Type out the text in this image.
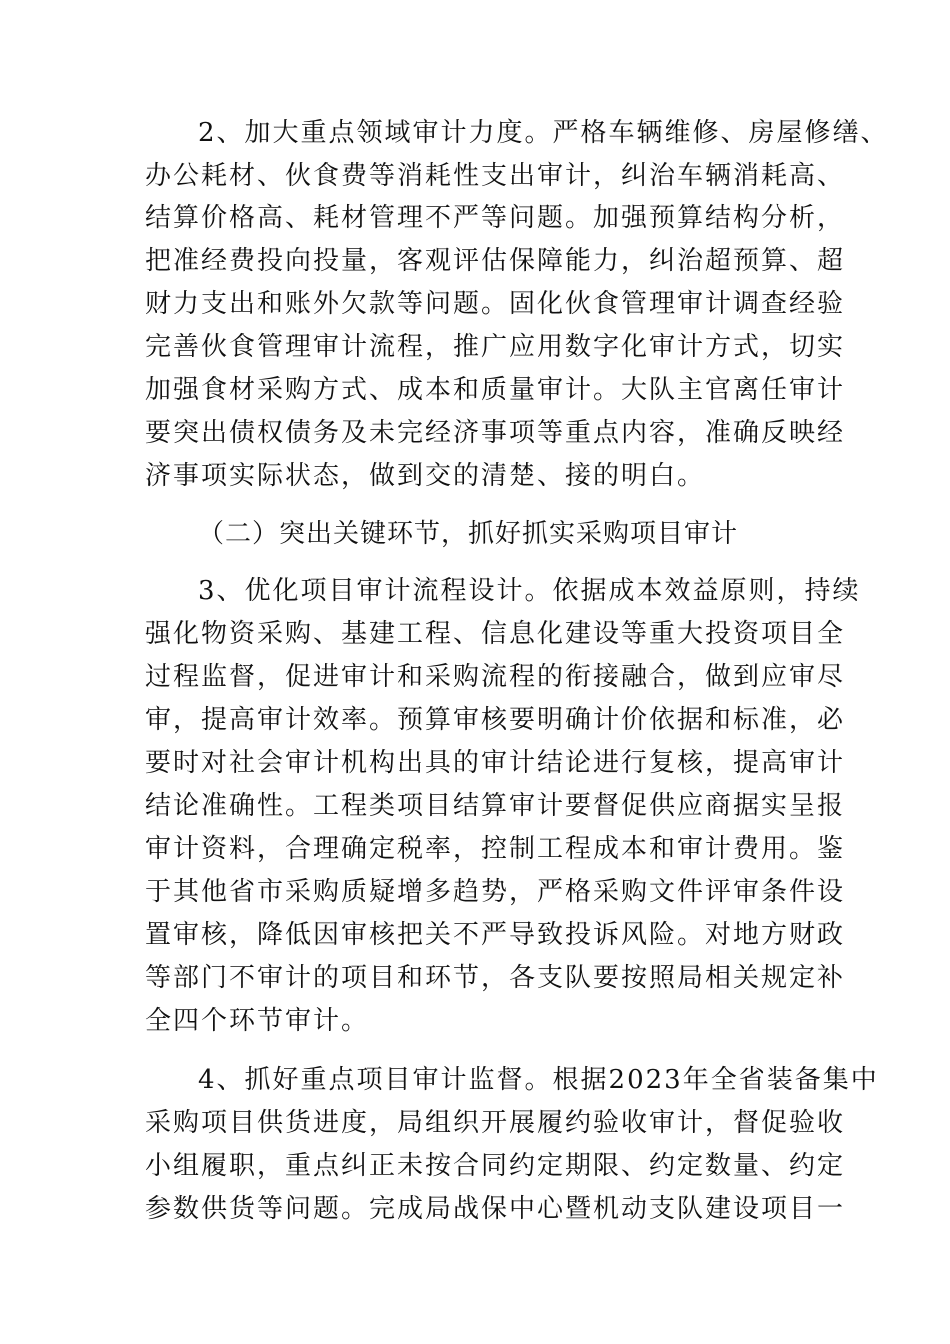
2、加大重点领域审计力度。严格车辆维修、房屋修缮、
办公耗材、伙食费等消耗性支出审计，纠治车辆消耗高、
结算价格高、耗材管理不严等问题。加强预算结构分析，
把准经费投向投量，客观评估保障能力，纠治超预算、超
财力支出和账外欠款等问题。固化伙食管理审计调查经验
完善伙食管理审计流程，推广应用数字化审计方式，切实
加强食材采购方式、成本和质量审计。大队主官离任审计
要突出债权债务及未完经济事项等重点内容，准确反映经
济事项实际状态，做到交的清楚、接的明白。
（二）突出关键环节，抓好抓实采购项目审计
3、优化项目审计流程设计。依据成本效益原则，持续
强化物资采购、基建工程、信息化建设等重大投资项目全
过程监督，促进审计和采购流程的衔接融合，做到应审尽
审，提高审计效率。预算审核要明确计价依据和标准，必
要时对社会审计机构出具的审计结论进行复核，提高审计
结论准确性。工程类项目结算审计要督促供应商据实呈报
审计资料，合理确定税率，控制工程成本和审计费用。鉴
于其他省市采购质疑增多趋势，严格采购文件评审条件设
置审核，降低因审核把关不严导致投诉风险。对地方财政
等部门不审计的项目和环节，各支队要按照局相关规定补
全四个环节审计。
4、抓好重点项目审计监督。根据2023年全省装备集中
采购项目供货进度，局组织开展履约验收审计，督促验收
小组履职，重点纠正未按合同约定期限、约定数量、约定
参数供货等问题。完成局战保中心暨机动支队建设项目一
